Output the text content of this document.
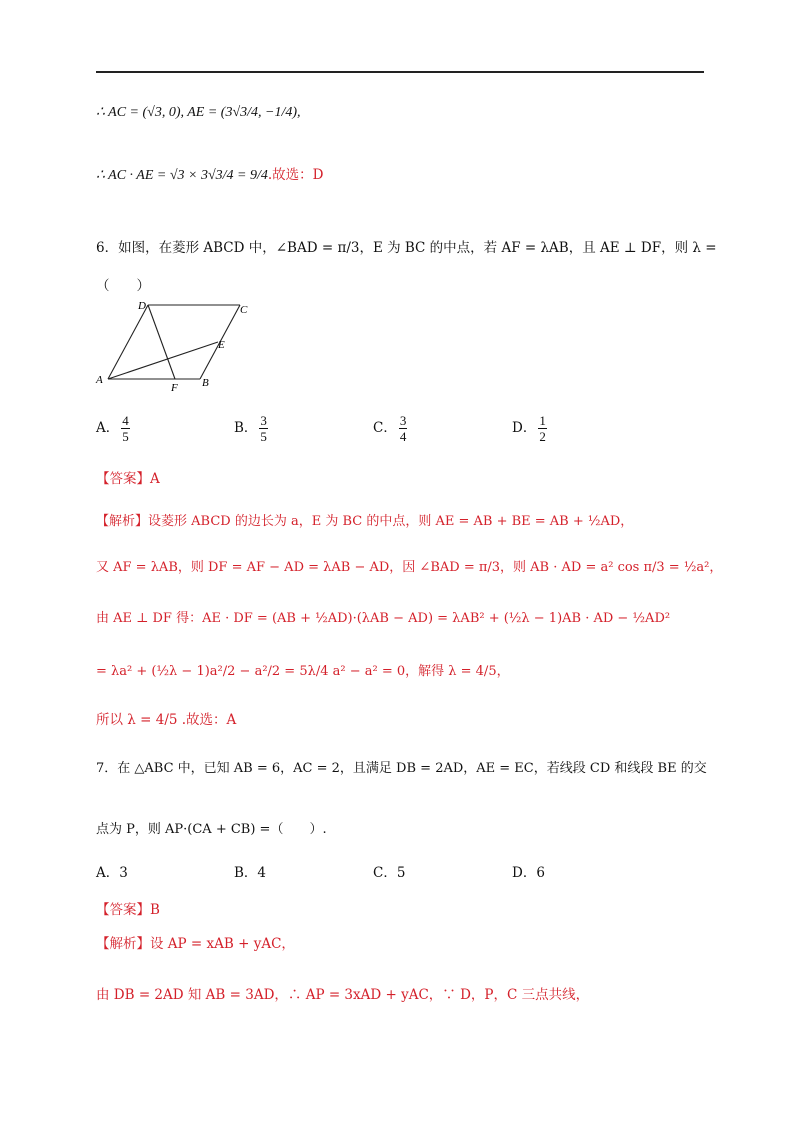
∴ AC = (√3, 0), AE = (3√3/4, −1/4),
∴ AC · AE = √3 × 3√3/4 = 9/4.故选：D
6．如图，在菱形 ABCD 中，∠BAD = π/3，E 为 BC 的中点，若 AF = λAB，且 AE ⊥ DF，则 λ =
（　　）
A	B
C
D
E
F
A． $\frac{4}{5}$	B． $\frac{3}{5}$	C． $\frac{3}{4}$	D． $\frac{1}{2}$
【答案】A
【解析】设菱形 ABCD 的边长为 a，E 为 BC 的中点，则 AE = AB + BE = AB + ½AD，
又 AF = λAB，则 DF = AF − AD = λAB − AD，因 ∠BAD = π/3，则 AB · AD = a² cos π/3 = ½a²，
由 AE ⊥ DF 得：AE · DF = (AB + ½AD)·(λAB − AD) = λAB² + (½λ − 1)AB · AD − ½AD²
= λa² + (½λ − 1)a²/2 − a²/2 = 5λ/4 a² − a² = 0，解得 λ = 4/5，
所以 λ = 4/5 .故选：A
7．在 △ABC 中，已知 AB = 6，AC = 2，且满足 DB = 2AD，AE = EC，若线段 CD 和线段 BE 的交
点为 P，则 AP·(CA + CB) =（　　）.
A．3	B．4	C．5	D．6
【答案】B
【解析】设 AP = xAB + yAC，
由 DB = 2AD 知 AB = 3AD，∴ AP = 3xAD + yAC，∵ D，P，C 三点共线，
